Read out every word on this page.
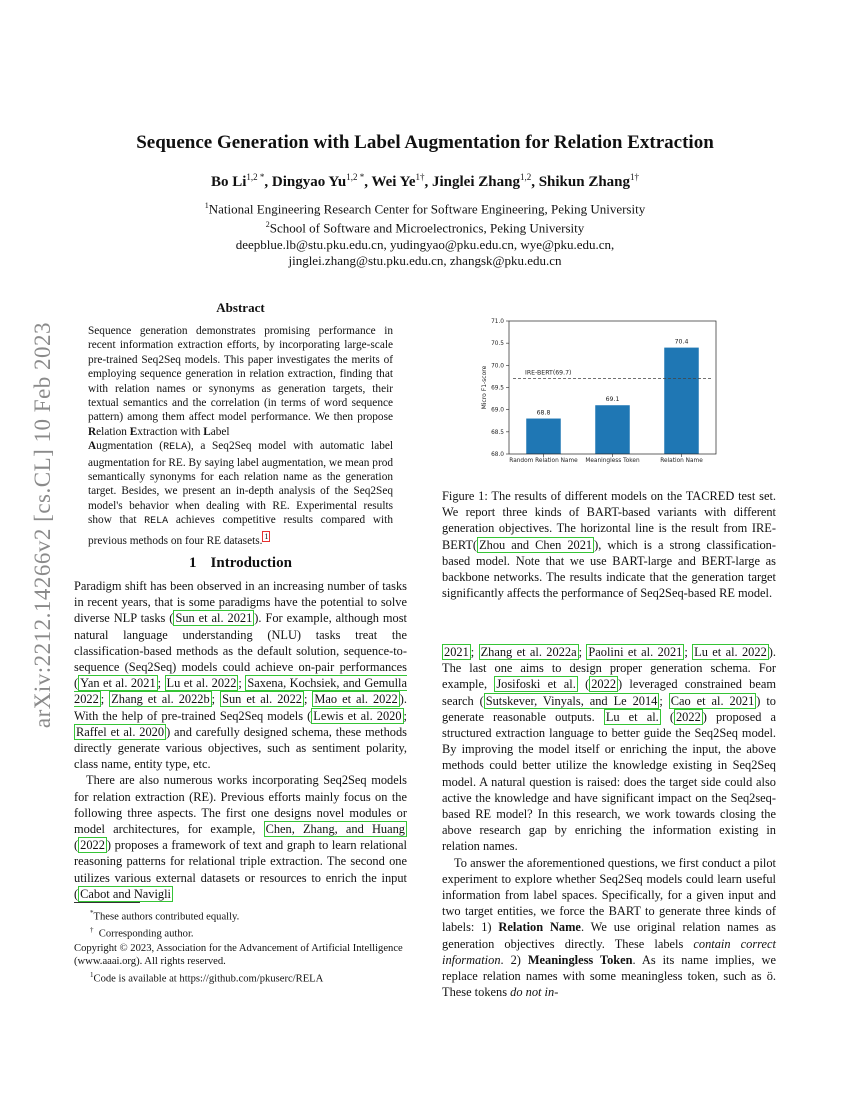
arXiv:2212.14266v2 [cs.CL] 10 Feb 2023
Sequence Generation with Label Augmentation for Relation Extraction
Bo $Li^{1,2 *}$, Dingyao $Yu^{1,2 *}$, Wei $Ye^{1\dagger}$, Jinglei Zhang$^{1,2}$, Shikun Zhang$^{1\dagger}$
$^1$National Engineering Research Center for Software Engineering, Peking University
$^2$School of Software and Microelectronics, Peking University
deepblue.lb@stu.pku.edu.cn, yudingyao@pku.edu.cn, wye@pku.edu.cn,
jinglei.zhang@stu.pku.edu.cn, zhangsk@pku.edu.cn
Abstract
Sequence generation demonstrates promising performance in recent information extraction efforts, by incorporating large-scale pre-trained Seq2Seq models. This paper investigates the merits of employing sequence generation in relation extraction, finding that with relation names or synonyms as generation targets, their textual semantics and the correlation (in terms of word sequence pattern) among them affect model performance. We then propose Relation Extraction with Label
Augmentation (RELA), a Seq2Seq model with automatic label augmentation for RE. By saying label augmentation, we mean prod semantically synonyms for each relation name as the generation target. Besides, we present an in-depth analysis of the Seq2Seq model's behavior when dealing with RE. Experimental results show that RELA achieves competitive results compared with previous methods on four RE datasets. $^1$
1 Introduction

Paradigm shift has been observed in an increasing number of tasks in recent years, that is some paradigms have the potential to solve diverse NLP tasks ( Sun et al. 2021 ). For example, although most natural language understanding (NLU) tasks treat the classification-based methods as the default solution, sequence-to-sequence (Seq2Seq) models could achieve on-pair performances ( Yan et al. 2021 ; Lu et al. 2022 ; Saxena, Kochsiek, and Gemulla 2022 ; Zhang et al. 2022b ; Sun et al. 2022 ; Mao et al. 2022 ). With the help of pre-trained Seq2Seq models ( Lewis et al. 2020 ; Raffel et al. 2020 ) and carefully designed schema, these methods directly generate various objectives, such as sentiment polarity, class name, entity type, etc.

There are also numerous works incorporating Seq2Seq models for relation extraction (RE). Previous efforts mainly focus on the following three aspects. The first one designs novel modules or model architectures, for example, Chen, Zhang, and Huang ( 2022 ) proposes a framework of text and graph to learn relational reasoning patterns for relational triple extraction. The second one utilizes various external datasets or resources to enrich the input ( Cabot and Navigli

*These authors contributed equally.
† Corresponding author.
Copyright © 2023, Association for the Advancement of Artificial Intelligence (www.aaai.org). All rights reserved.
$^1$Code is available at https://github.com/pkuserc/RELA
68.8
Random Relation Name
69.1
Meaningless Token
70.4
Relation Name
IRE-BERT(69.7)
68.0
68.5
69.0
69.5
70.0
70.5
71.0
Micro F1-score
Figure 1: The results of different models on the TACRED test set. We report three kinds of BART-based variants with different generation objectives. The horizontal line is the result from IRE-BERT( Zhou and Chen 2021 ), which is a strong classification-based model. Note that we use BART-large and BERT-large as backbone networks. The results indicate that the generation target significantly affects the performance of Seq2Seq-based RE model.

2021 ; Zhang et al. 2022a ; Paolini et al. 2021 ; Lu et al. 2022 ). The last one aims to design proper generation schema. For example, Josifoski et al. ( 2022 ) leveraged constrained beam search ( Sutskever, Vinyals, and Le 2014 ; Cao et al. 2021 ) to generate reasonable outputs. Lu et al. ( 2022 ) proposed a structured extraction language to better guide the Seq2Seq model. By improving the model itself or enriching the input, the above methods could better utilize the knowledge existing in Seq2Seq model. A natural question is raised: does the target side could also active the knowledge and have significant impact on the Seq2seq-based RE model? In this research, we work towards closing the above research gap by enriching the information existing in relation names.

To answer the aforementioned questions, we first conduct a pilot experiment to explore whether Seq2Seq models could learn useful information from label spaces. Specifically, for a given input and two target entities, we force the BART to generate three kinds of labels: 1) Relation Name. We use original relation names as generation objectives directly. These labels contain correct information. 2) Meaningless Token. As its name implies, we replace relation names with some meaningless token, such as ö. These tokens do not in-
